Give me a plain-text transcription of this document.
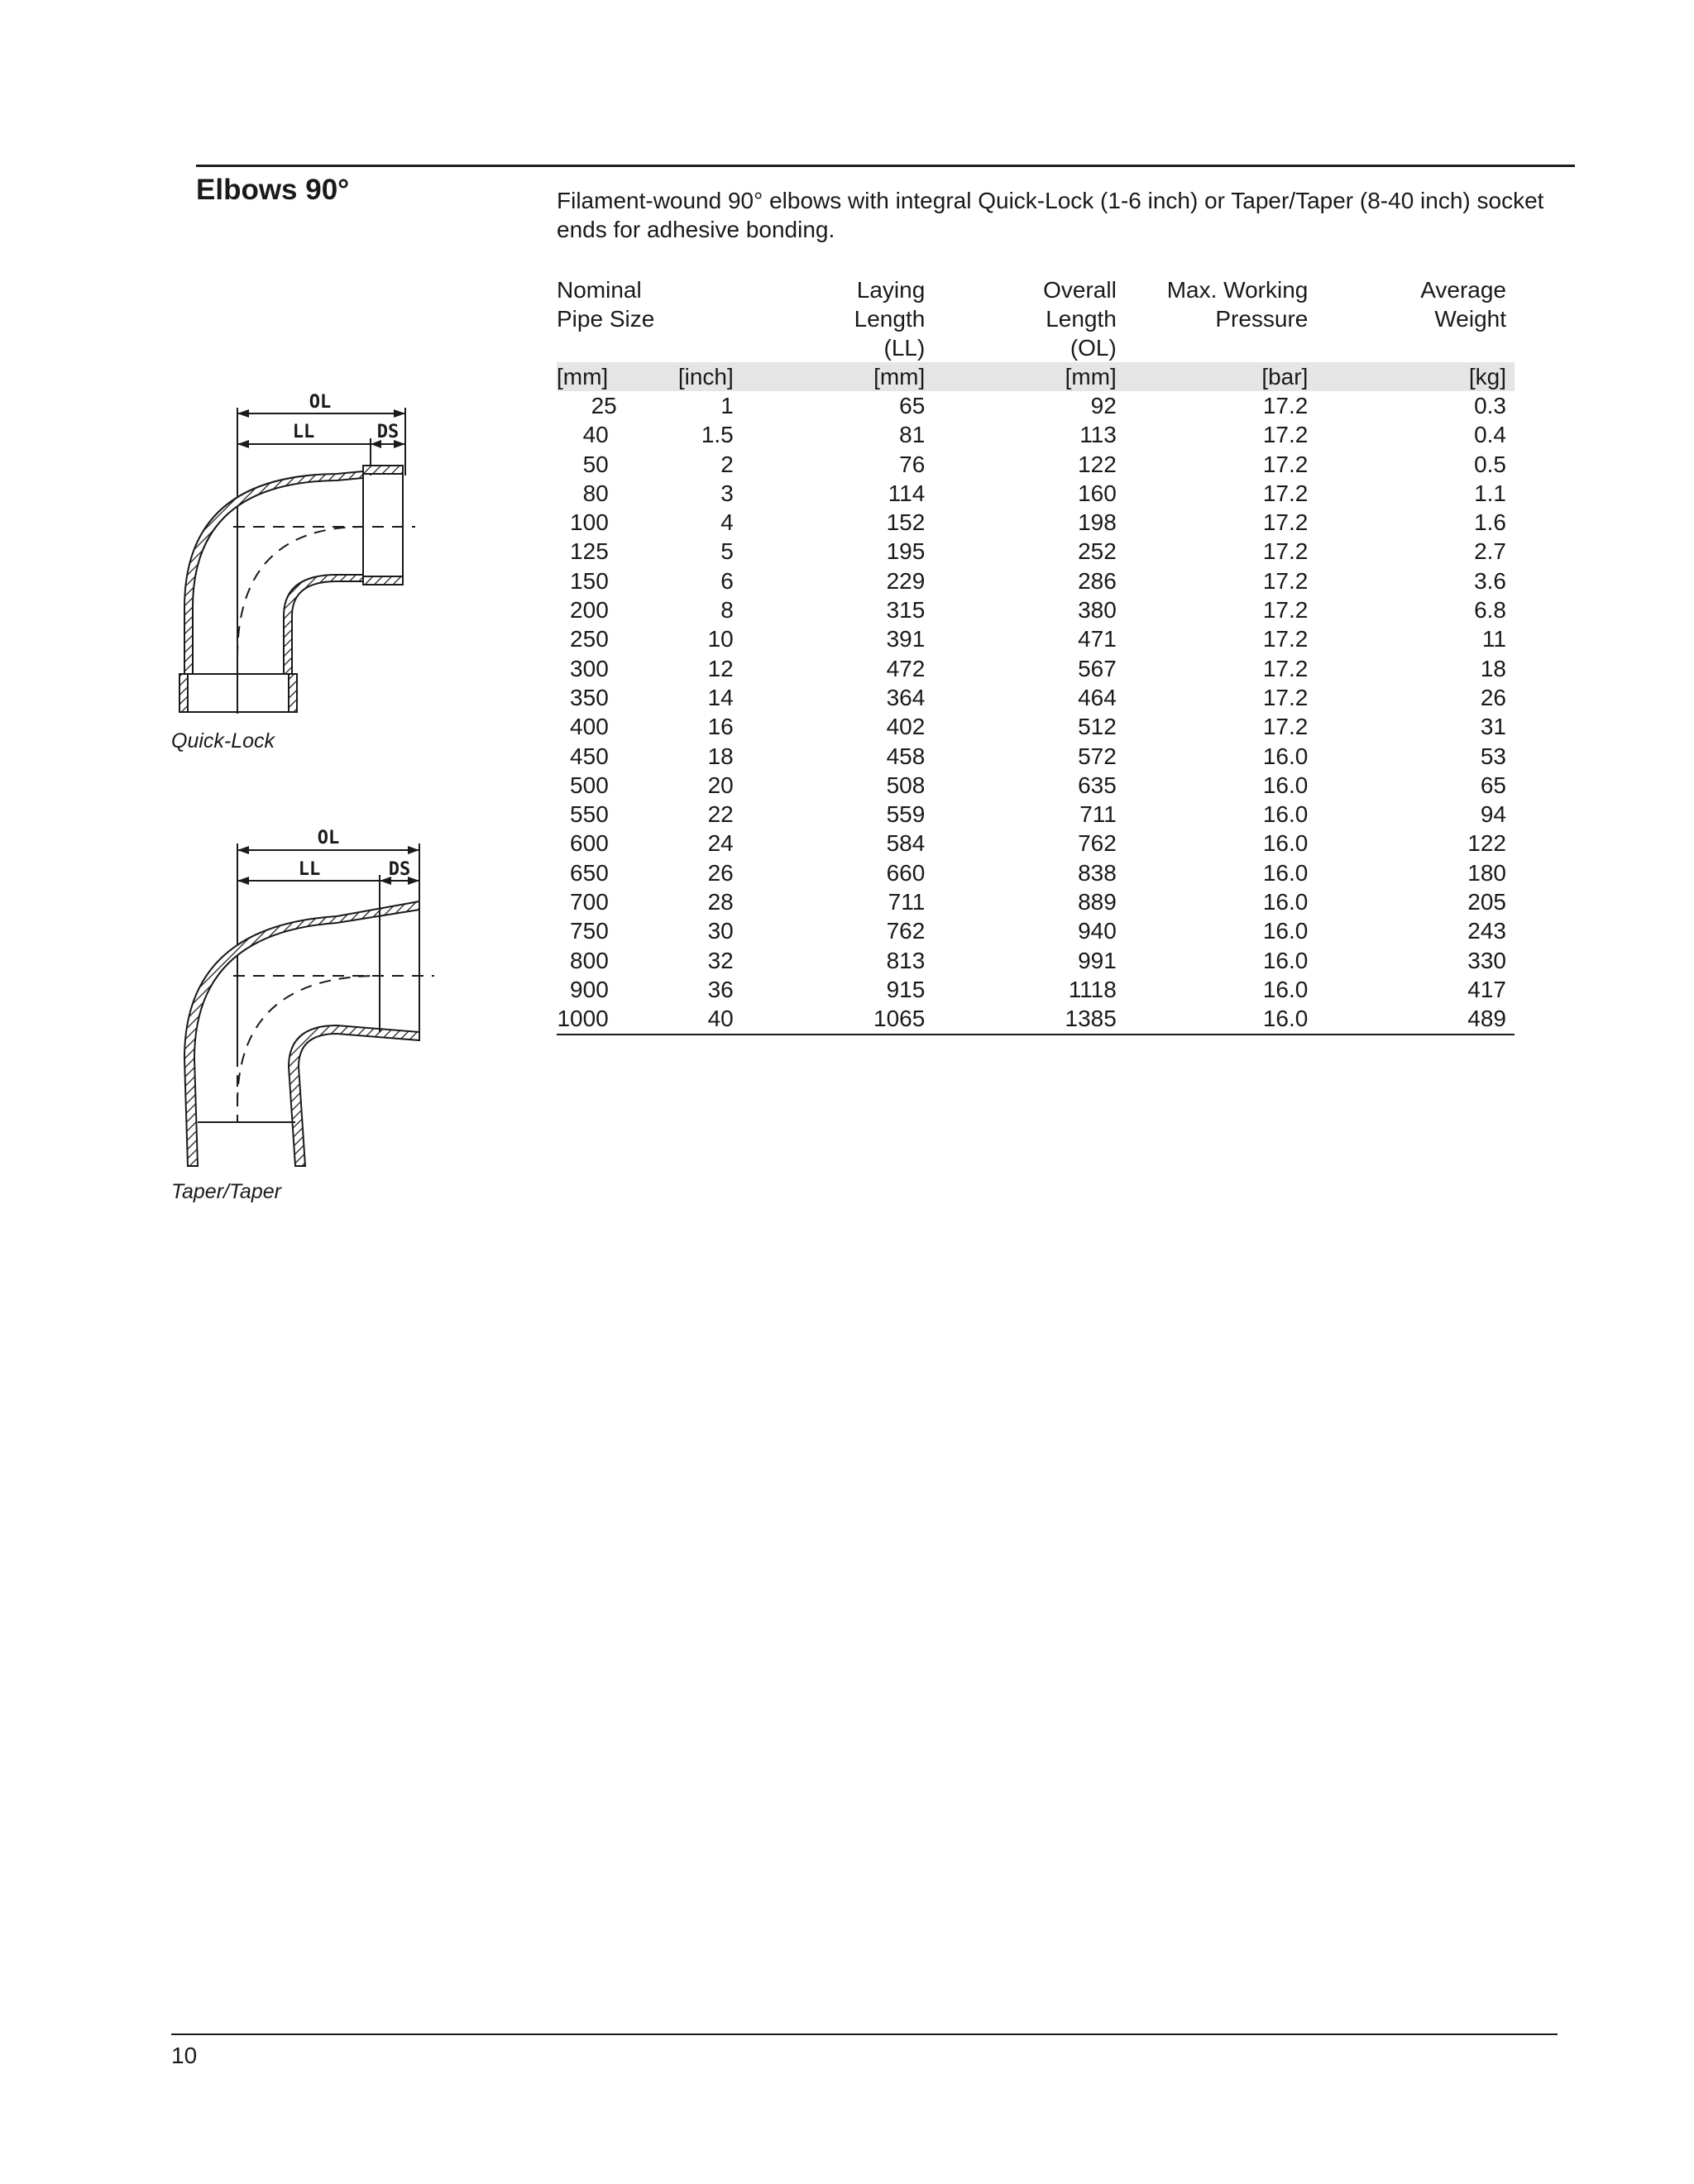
Elbows 90°	Filament-wound 90° elbows with integral Quick-Lock (1-6 inch) or Taper/Taper (8-40 inch) socket ends for adhesive bonding.

OL
LL	DS

Quick-Lock

OL
LL	DS

Taper/Taper

Nominal		Laying	Overall	Max. Working	Average
Pipe Size		Length	Length	Pressure	Weight
		(LL)	(OL)		
[mm]	[inch]	[mm]	[mm]	[bar]	[kg]
25	1	65	92	17.2	0.3
40	1.5	81	113	17.2	0.4
50	2	76	122	17.2	0.5
80	3	114	160	17.2	1.1
100	4	152	198	17.2	1.6
125	5	195	252	17.2	2.7
150	6	229	286	17.2	3.6
200	8	315	380	17.2	6.8
250	10	391	471	17.2	11
300	12	472	567	17.2	18
350	14	364	464	17.2	26
400	16	402	512	17.2	31
450	18	458	572	16.0	53
500	20	508	635	16.0	65
550	22	559	711	16.0	94
600	24	584	762	16.0	122
650	26	660	838	16.0	180
700	28	711	889	16.0	205
750	30	762	940	16.0	243
800	32	813	991	16.0	330
900	36	915	1118	16.0	417
1000	40	1065	1385	16.0	489

10
